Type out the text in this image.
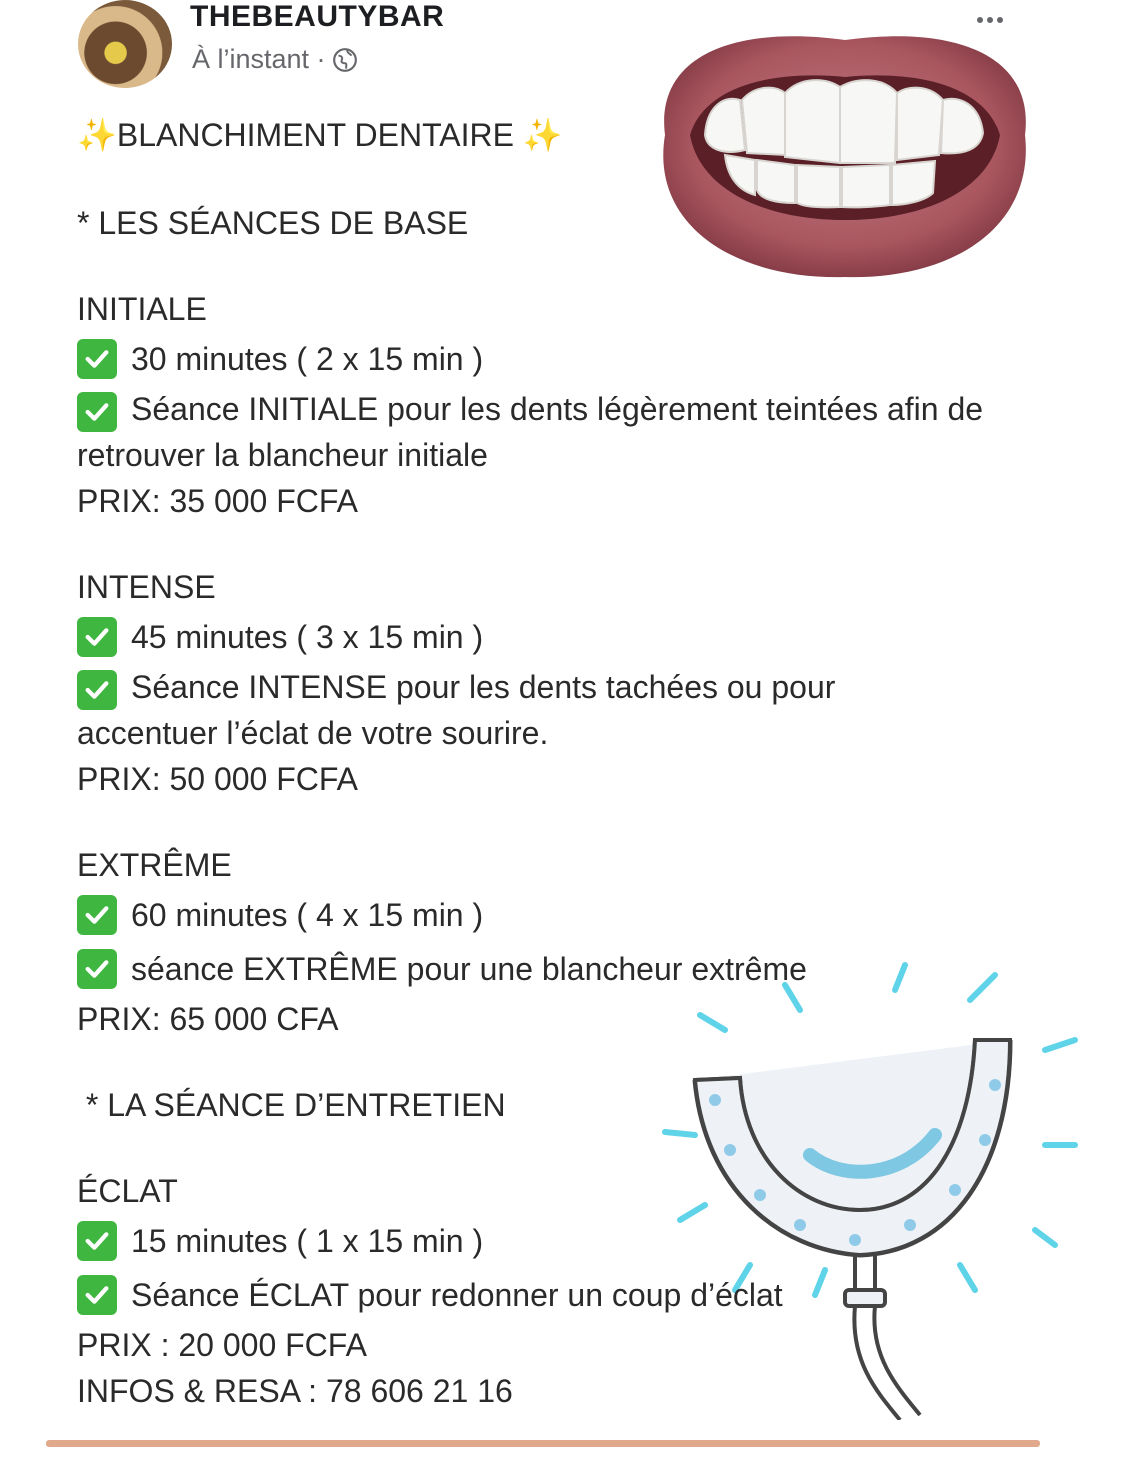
THEBEAUTYBAR
À l’instant ·
✨BLANCHIMENT DENTAIRE ✨
* LES SÉANCES DE BASE
INITIALE
30 minutes ( 2 x 15 min )
Séance INITIALE pour les dents légèrement teintées afin de retrouver la blancheur initiale
PRIX: 35 000 FCFA
INTENSE
45 minutes ( 3 x 15 min )
Séance INTENSE pour les dents tachées ou pour accentuer l’éclat de votre sourire.
PRIX: 50 000 FCFA
EXTRÊME
60 minutes ( 4 x 15 min )
séance EXTRÊME pour une blancheur extrême
PRIX: 65 000 CFA
* LA SÉANCE D’ENTRETIEN
ÉCLAT
15 minutes ( 1 x 15 min )
Séance ÉCLAT pour redonner un coup d’éclat
PRIX : 20 000 FCFA
INFOS & RESA : 78 606 21 16
